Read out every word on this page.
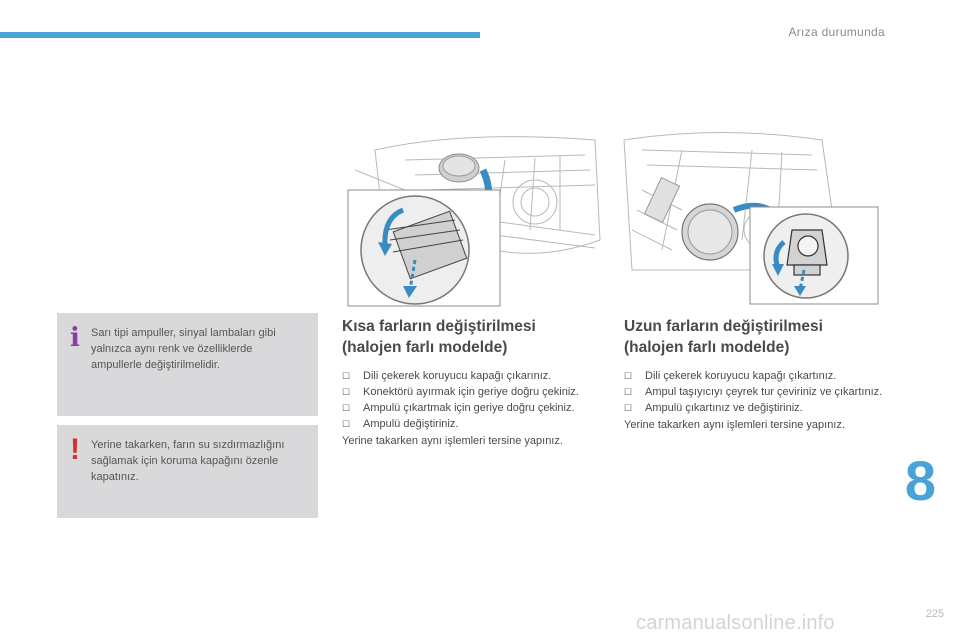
Arıza durumunda
i Sarı tipi ampuller, sinyal lambaları gibi yalnızca aynı renk ve özelliklerde ampullerle değiştirilmelidir.
! Yerine takarken, farın su sızdırmazlığını sağlamak için koruma kapağını özenle kapatınız.
Kısa farların değiştirilmesi
(halojen farlı modelde)
☐ Dili çekerek koruyucu kapağı çıkarınız.
☐ Konektörü ayırmak için geriye doğru çekiniz.
☐ Ampulü çıkartmak için geriye doğru çekiniz.
☐ Ampulü değiştiriniz.
Yerine takarken aynı işlemleri tersine yapınız.
Uzun farların değiştirilmesi
(halojen farlı modelde)
☐ Dili çekerek koruyucu kapağı çıkartınız.
☐ Ampul taşıyıcıyı çeyrek tur çeviriniz ve çıkartınız.
☐ Ampulü çıkartınız ve değiştiriniz.
Yerine takarken aynı işlemleri tersine yapınız.
8
225
carmanualsonline.info
